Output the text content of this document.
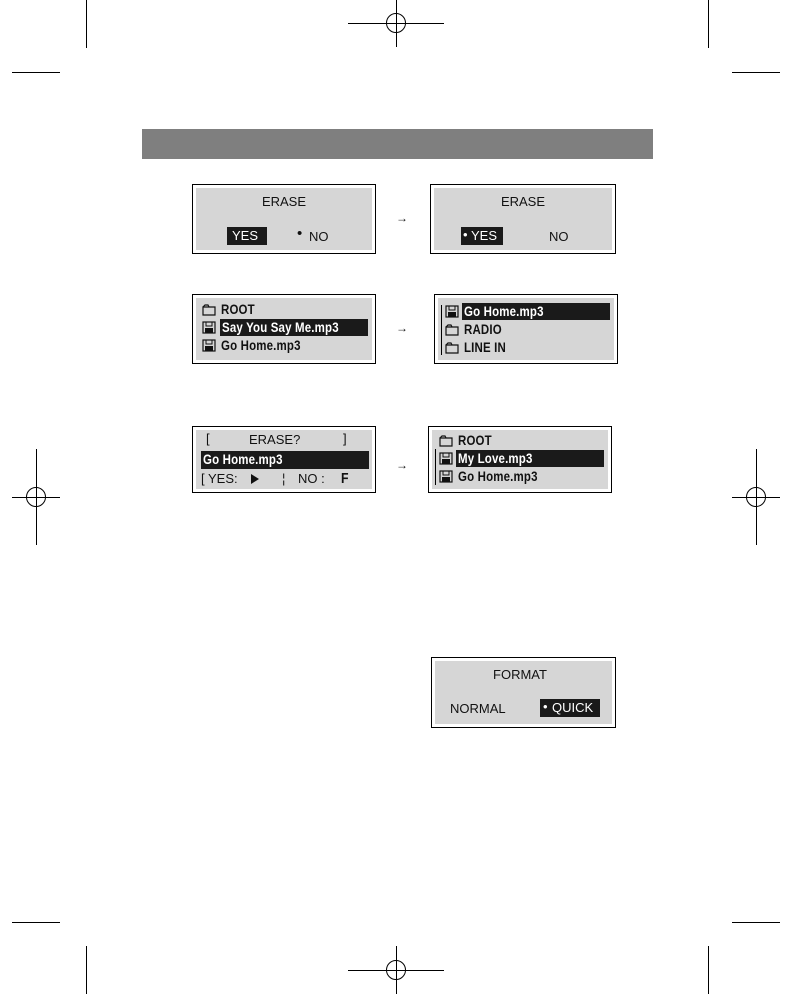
ERASE
YES	• NO
→
ERASE
• YES	NO
ROOT
Say You Say Me.mp3
Go Home.mp3
→
Go Home.mp3
RADIO
LINE IN
[	ERASE?	]
Go Home.mp3
[ YES:	¦ NO : F
→
ROOT
My Love.mp3
Go Home.mp3
FORMAT
NORMAL	• QUICK
